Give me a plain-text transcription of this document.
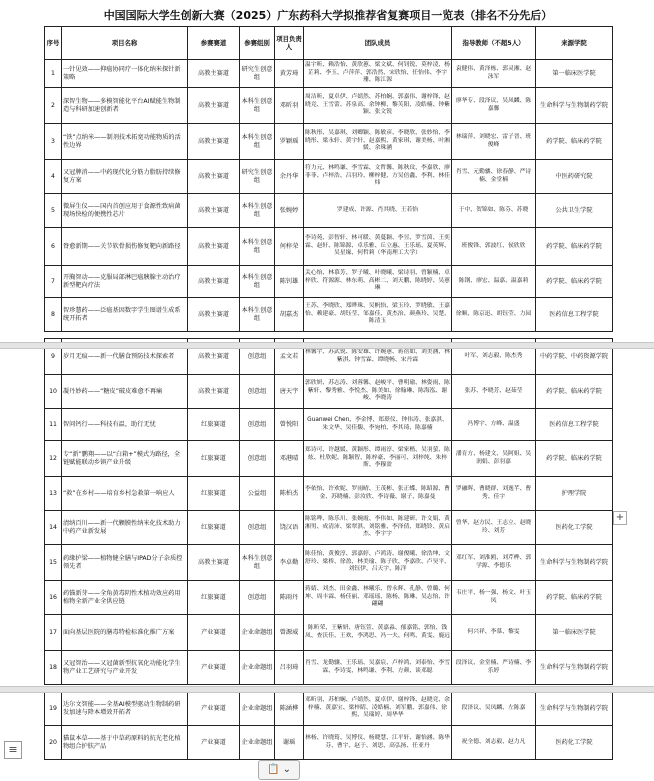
中国国际大学生创新大赛（2025）广东药科大学拟推荐省复赛项目一览表（排名不分先后）
序号	项目名称	参赛赛道	参赛组别	项目负责人	团队成员	指导教师（不超5人）	来源学院
1	一针见效——抑癌协同疗一体化纳米探针新策略	高教主赛道	研究生创意组	黄芳琦	温宇昕、赖浩怡、黄欣蕙、梁文斌、何钊锐、莫梓凌、杨芷莉、李玉、卢萍萍、郭浩然、宋欣怡、任怡伟、李宇珊、陈江源	袁健伟、黄泽栋、郭灵湘、赵泳军	第一临床医学院
2	深智生物——多模智能化平台AI赋能生物制造与科研加速创新者	高教主赛道	本科生创意组	邓昕羽	周洁昕、夏卓伊、卢婧然、苏柏娴、郭嘉伟、谢梓锋、赵晓竞、王雪蕾、苏泉高、余钟柳、黎芙阳、凌皓楠、钟紫颖、张文锐	廖华专、段泽议、吴凤麟、陈嘉馨	生命科学与生物制药学院
3	“铁”点纳米——制剂技术拓宽功能物质的活性边界	高教主赛道	本科生创意组	罗颖瑶	陈秋彤、吴嘉琪、刘卿颖、陈敏彦、李晓欣、张妙怡、李晓彤、梁永轩、黄宇轩、赵嘉熙、黄家琪、谢美杨、叶湘媛、余珠涵	林瑞萍、刘晓宏、雷子晋、班俊峰	药学院、临床药学院
4	又冠脾消——中药现代化分筋力脂肪持续修复方案	高教主赛道	研究生创意组	余丹华	符力元、林鸣谦、李雪霖、文哲馨、陈秋玟、李嘉欣、廖菲菲、卢梓浩、吕羽玲、柳梓健、方吴倍鑫、李利、林佳炜	肖雪、元勤骧、徐春静、严诗楠、金堂楠	中医药研究院
5	微屏生仪——国内首创应用于食源性致病菌现场快检的便携性芯片	高教主赛道	本科生创意组	张婉婷	罗建成、许源、肖其晓、王若怡	于中、贺锦如、陈芬、苏晓	公共卫生学院
6	脊愈新期——关节软骨损伤修复靶向新路径	高教主赛道	本科生创意组	何梓荣	李诗苑、彭智轩、林可暖、黄蔓颖、李昱、罗雪茵、王奕霖、赵轩、陈锦源、卓乐雅、丘立惠、王乐瑶、夏英辉、吴星缘、何哲莉（华南理工大学）	班俊锋、郭波红、侯欣欣	药学院、临床药学院
7	开胸智动——克服局部淋巴癌胰腺主动治疗新型靶向疗法	高教主赛道	本科生创意组	陈钊雄	关心怡、林慕芳、罗子曦、叶晓曦、梁诗羽、曾颖楠、卓梓欣、符源源、林东萌、高彬二、刘天鹏、陈晓婷、吴蕙琳	陈钢、廖宏、温嘉、温嘉莉	药学院、临床药学院
8	智珍慧药——泛癌基因数字学生图谱生成系统开拓者	高教主赛道	本科生创意组	胡嘉杰	王苏、李晓欣、郑晔珠、吴帆怡、梁玉玲、罗晓敏、王嘉怡、赖建豪、胡钰莹、邹嘉佳、黄杰治、颜燕玲、吴楚、陈清玉	徐顺、陈京迅、胡钰莹、力园	医药信息工程学院

9	岁月无痕——新一代膳食预防技术探索者	高教主赛道	创意组	孟文若	林馨宇、苏武锐、陈安雄、许婉蕙、蒋蓓如、刘美涵、林紫淇、钟雪霖、谭晓畅、宋丹霖	叶军、刘志毅、陈杰秀	中药学院、中药资源学院
10	凝丹妙药——“糖皮”破皮难愈不再痛	高教主赛道	创意组	唐天宇	郭欣妍、苏志涛、刘蓉馨、赵峻平、曹明瑜、林姿雨、陈紫轩、黎秀雅、李悦杰、陈美如、徐翰琳、陈海泓、谢峻、李晓涛	张苏、李晓芳、赵茹莹	药学院、临床药学院
11	智问钙行——科技有温，助行无忧	红旅赛道	创意组	曾悦阳	Guanwei Chen、李金博、郑璟仪、钟伟涛、张嘉淇、朱文华、吴佳馥、李宛柏、李其琦、陈嘉楠	冯博宇、方峰、温盛	医药信息工程学院
12	专“新”鹏翔——以“白箱+”模式为路径，全链赋能联动乡镇产业升级	红旅赛道	创意组	邓港晴	郑诗可、许越媛、黄颖彤、谭雨淳、梁家楷、吴羽萤、陈炫、杜欣妮、陈颖智、陈梓豪、李丽可、刘梓纯、朱梓斯、李穆盈	潘育方、杨建文、吴阿姐、吴润娟、彭羽嘉	药学院、临床药学院
13	“救”在乡村——培育乡村急救第一响应人	红旅赛道	公益组	陈柏杰	李依怡、许欢妮、罗雨晴、王茂彬、张正蝶、陈昭源、曹金、苏晓楠、彭汝欣、李诗薇、谢子、陈嘉曼	罗融晖、曹晓群、刘逸芊、曹秀、佳宇	护理学院
14	清纳百川——新一代颗膜性纳米化技术助力中药产业新发展	红旅赛道	创意组	饶汉语	陈铭哗、陈乐川、张婉霞、李伟如、陈建研、许文娟、黄湘男、成清沛、梁翠淇、刘铭雅、李泽倩、郑晓铃、黄启杰、李宇宇	曾华、赵方民、王志立、赵晓玲、刘芳	医药化工学院
15	药缘护梁——植物健全膳与IPAD分子杂质控领先者	高教主赛道	本科生创意组	李卓勤	陈佳怡、黄俊淳、郭嘉婷、卢鸿涛、谢俊曦、徐浩坤、文舒玲、梁桥、徐盈、林美瑜、陈子欣、李嘉欣、卢昊平、刘钰伊、吕天宇、陈洋	邓红军、刘淮鸥、刘芹桦、郭学源、李德乐	生命科学与生物制药学院
16	药锚新芽——全角黄毒阴性术植功效应药用植物全新产业全供应链	红旅赛道	创意组	陈雨丹	蒋婧、刘杰、田金鑫、林曦乐、曾永辉、孔静、曾璐、何坤、周丰霖、杨佳丽、邓瑶瑶、陈杨、陈琳、吴志怡、许翩翩	韦庄平、杨一强、杨文、叶玉凤	药学院、临床药学院
17	面向基层医院的膳毒特检标准化推广方案	产业赛道	企业命题组	曾源威	陈昕荣、王紫妍、唐钰萱、黄嘉淼、郁嘉铭、郭怡、钱凤、查沃佳、王欢、李鸿思、冯一夫、何鸣、黄雯、鹿远	何兴祥、李慕、黎雯	第一临床医学院
18	又冠智治——又冠菌新型抗氧化功能化学生物产业工艺研究与产业开发	产业赛道	企业命题组	吕羽琦	肖雪、龙勤骧、王乐瑶、吴嘉宸、卢梓鸿、刘泰怡、李雪霖、李诗雯、林鸣谦、李利、方颜、谈邓聪	段泽议、金堂楠、严诗楠、李乐婷	生命科学与生物制药学院

19	达尔文智能——全基AI模型驱动生物制药研发加速与降本增效开拓者	产业赛道	企业命题组	陈涵桦	邓昕羽、苏柏娴、卢婧然、夏卓伊、谢梓锋、赵晓竞、余梓楠、黄嘉宝、梁梓睛、凌皓楠、刘军鹏、郭嘉伟、徐熙、吴瑞婷、周华华	段泽议、吴凤麟、左陈嘉	生命科学与生物制药学院
20	猫鼠本草——基于中草药原料的抗光老化植物组合护肤产品	产业赛道	企业命题组	谢瑶	林杨、许晓筠、吴博仪、杨晓慧、江平轩、谢怡涵、陈华芬、曹宇、赵于、刘思、高弘扬、任亚丹	祝全德、刘志毅、赵力凡	医药化工学院
+
≡
📋 ⌄
